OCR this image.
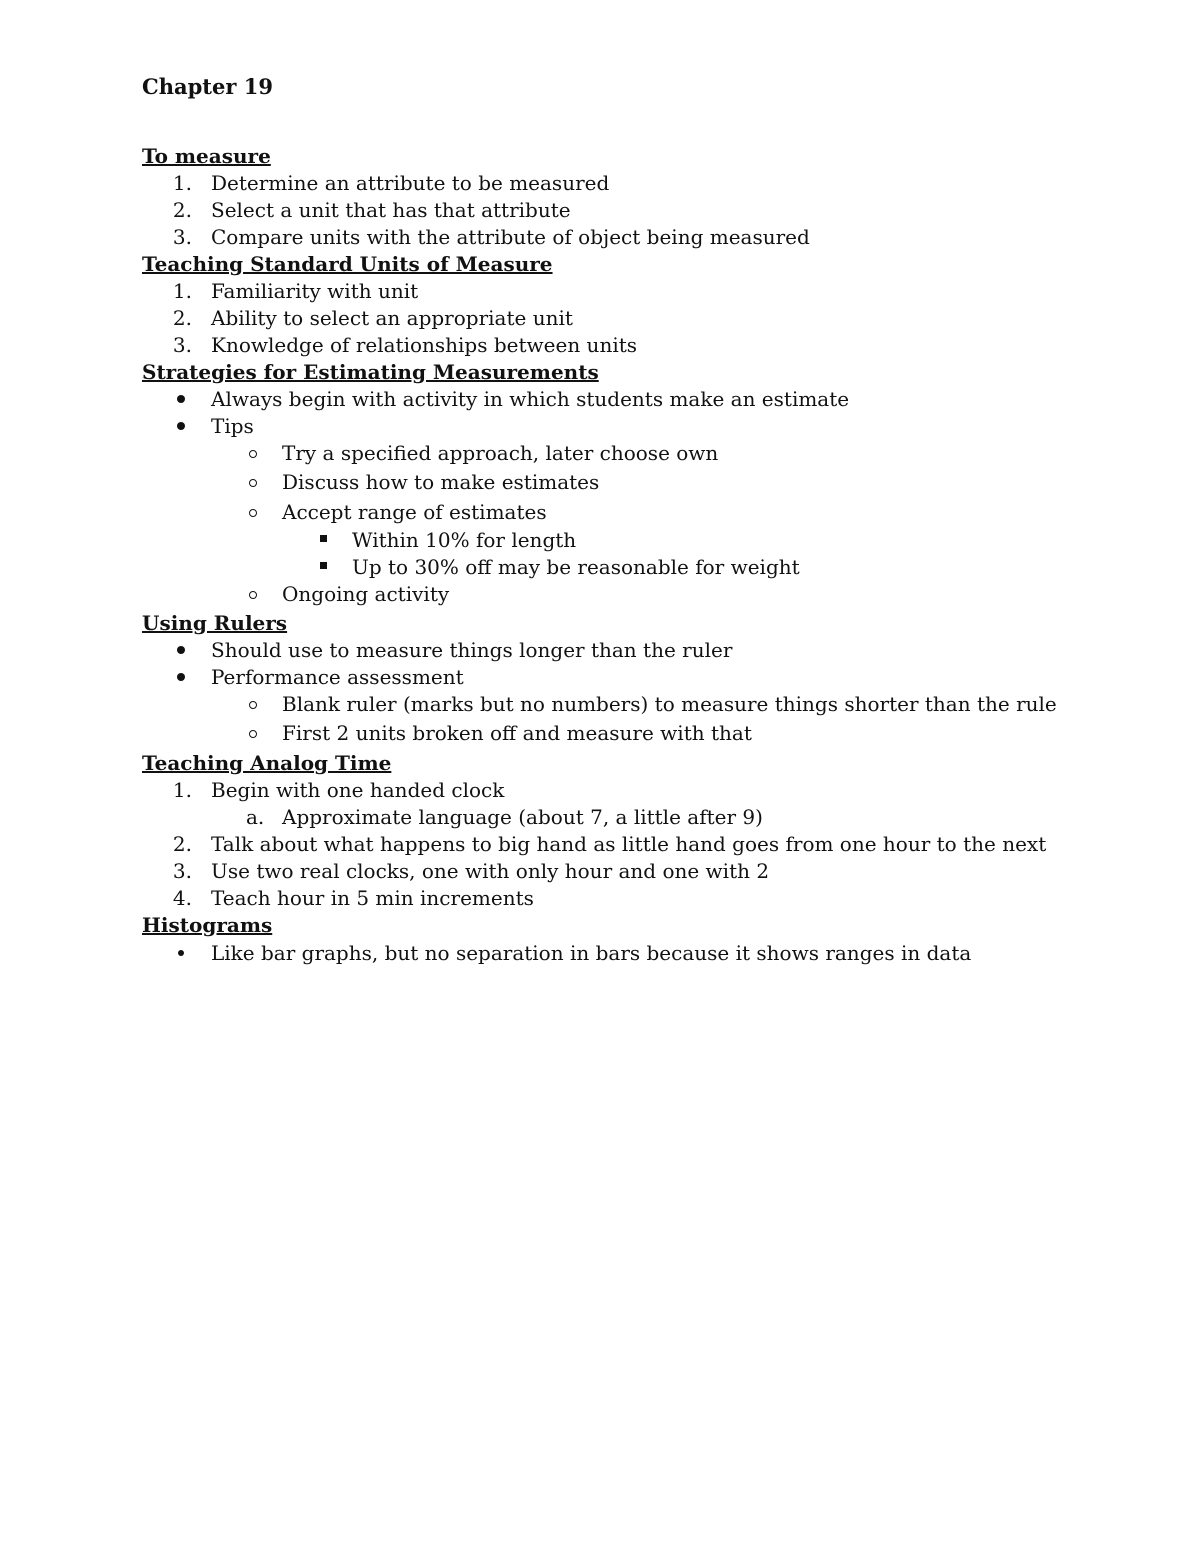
Chapter 19
To measure
1. Determine an attribute to be measured
2. Select a unit that has that attribute
3. Compare units with the attribute of object being measured
Teaching Standard Units of Measure
1. Familiarity with unit
2. Ability to select an appropriate unit
3. Knowledge of relationships between units
Strategies for Estimating Measurements
Always begin with activity in which students make an estimate
Tips
Try a specified approach, later choose own
Discuss how to make estimates
Accept range of estimates
Within 10% for length
Up to 30% off may be reasonable for weight
Ongoing activity
Using Rulers
Should use to measure things longer than the ruler
Performance assessment
Blank ruler (marks but no numbers) to measure things shorter than the rule
First 2 units broken off and measure with that
Teaching Analog Time
1. Begin with one handed clock
a. Approximate language (about 7, a little after 9)
2. Talk about what happens to big hand as little hand goes from one hour to the next
3. Use two real clocks, one with only hour and one with 2
4. Teach hour in 5 min increments
Histograms
Like bar graphs, but no separation in bars because it shows ranges in data
